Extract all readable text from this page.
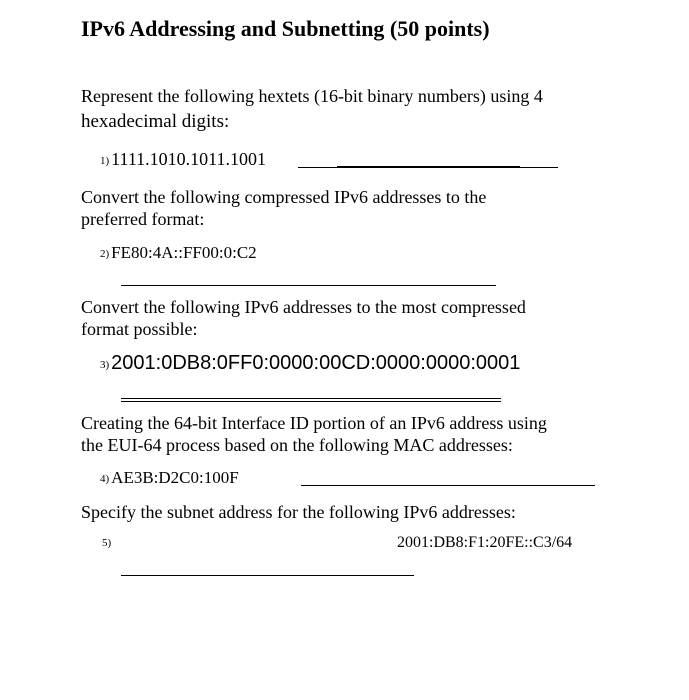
IPv6 Addressing and Subnetting (50 points)
Represent the following hextets (16-bit binary numbers) using 4
hexadecimal digits:
1) 1111.1010.1011.1001
Convert the following compressed IPv6 addresses to the
preferred format:
2) FE80:4A::FF00:0:C2
Convert the following IPv6 addresses to the most compressed
format possible:
3) 2001:0DB8:0FF0:0000:00CD:0000:0000:0001
Creating the 64-bit Interface ID portion of an IPv6 address using
the EUI-64 process based on the following MAC addresses:
4) AE3B:D2C0:100F
Specify the subnet address for the following IPv6 addresses:
5)	2001:DB8:F1:20FE::C3/64
